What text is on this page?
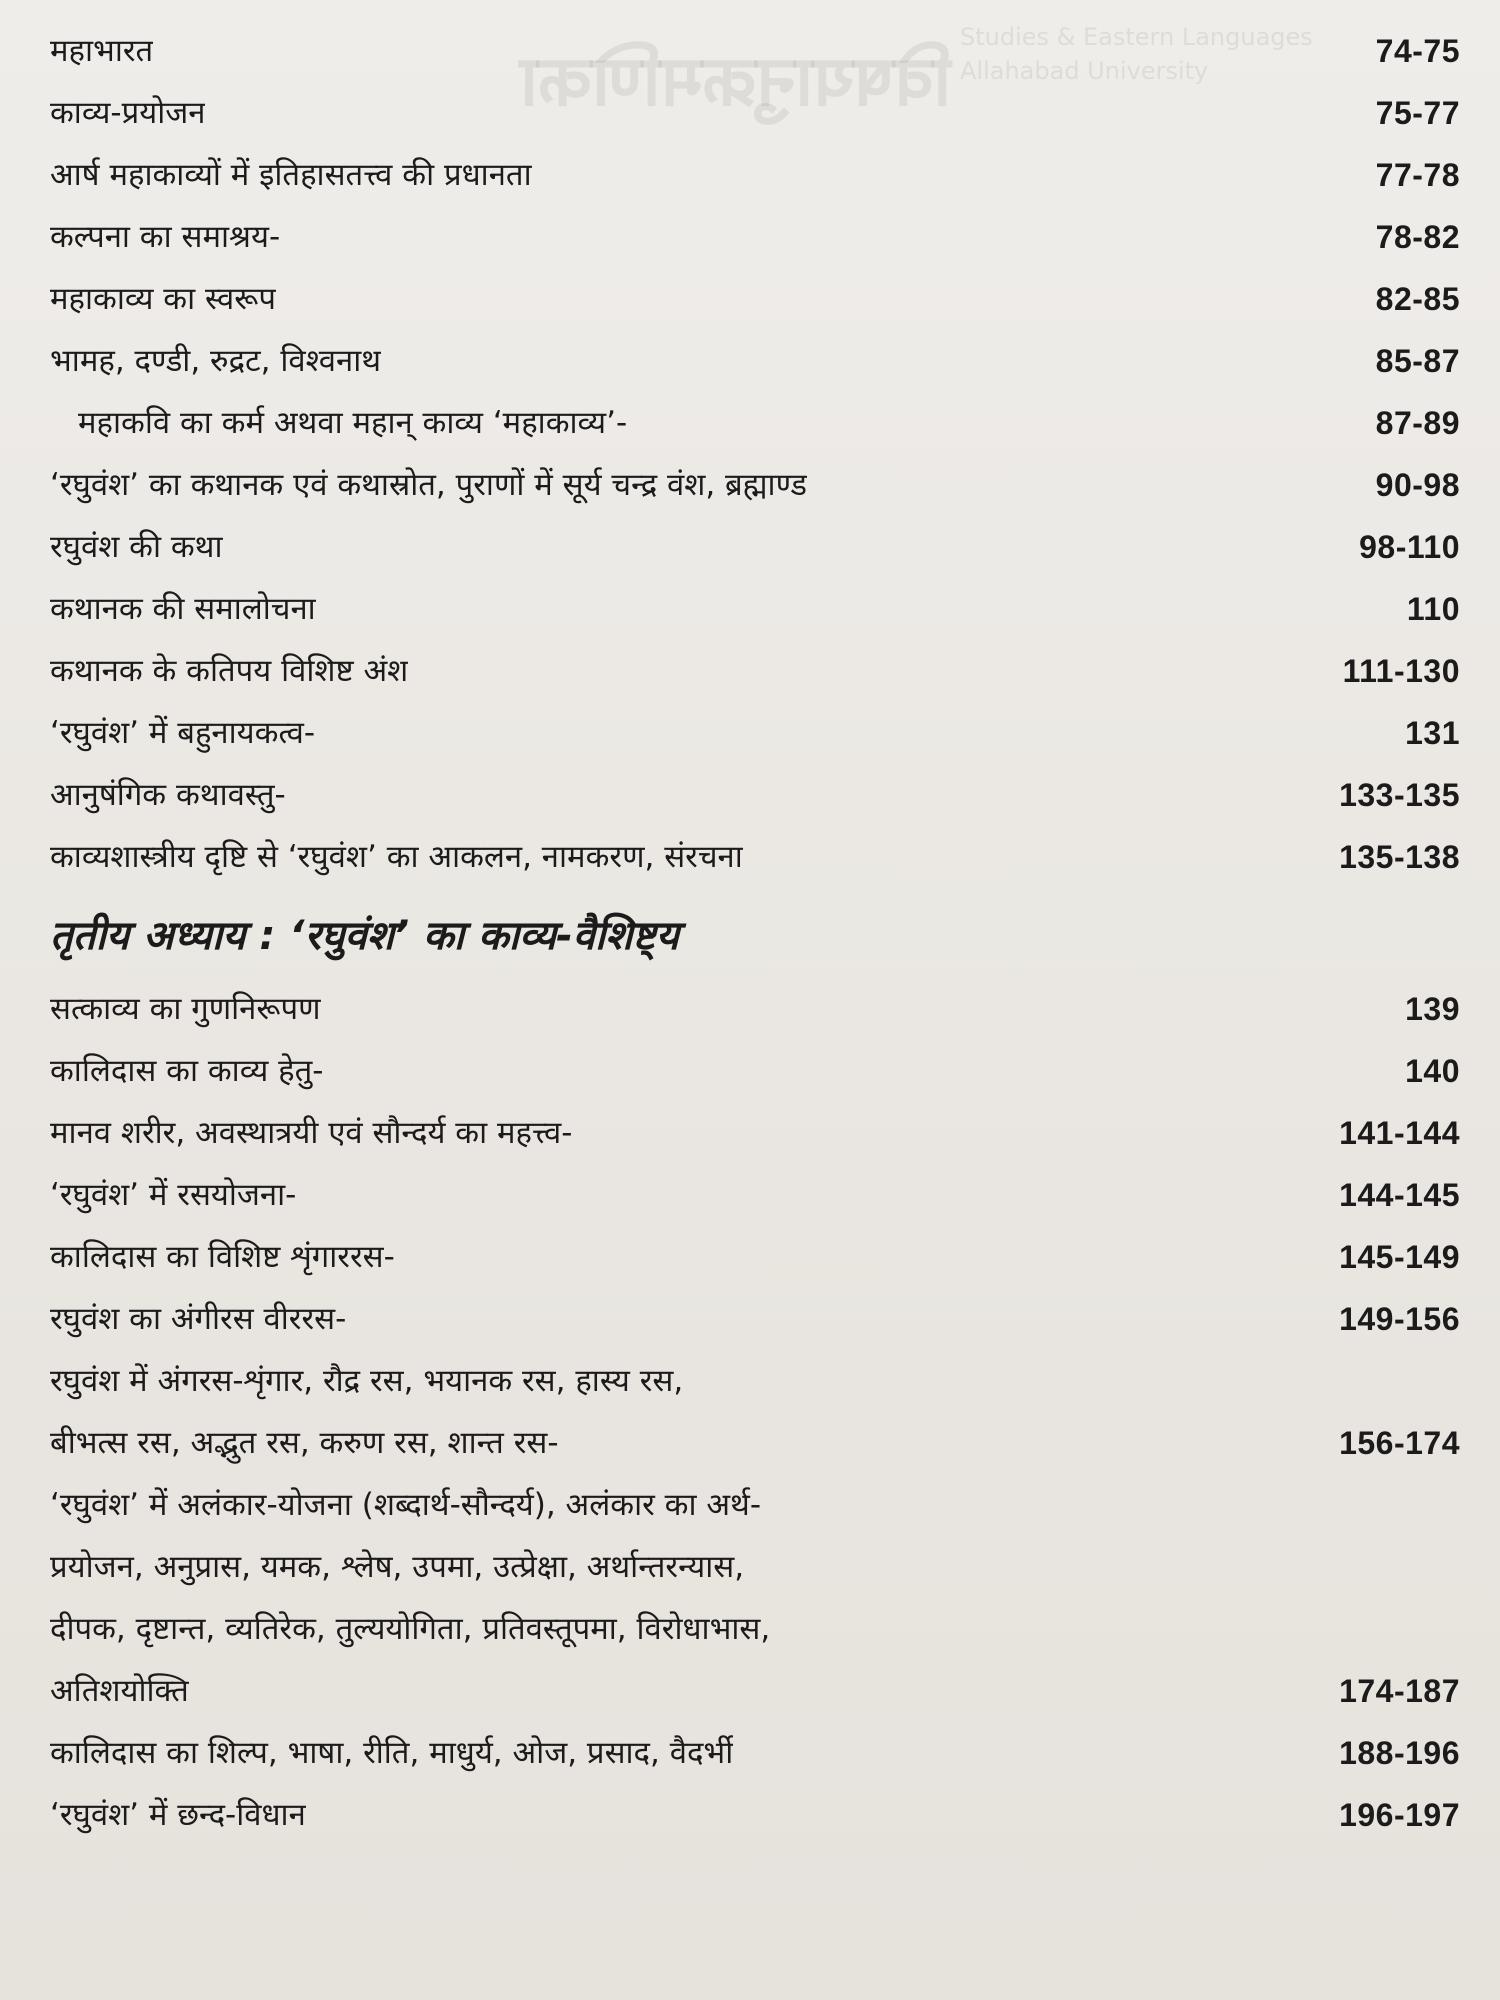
विषयानुक्रमणिका
Studies & Eastern Languages
Allahabad University
महाभारत	74-75
काव्य-प्रयोजन	75-77
आर्ष महाकाव्यों में इतिहासतत्त्व की प्रधानता	77-78
कल्पना का समाश्रय-	78-82
महाकाव्य का स्वरूप	82-85
भामह, दण्डी, रुद्रट, विश्वनाथ	85-87
महाकवि का कर्म अथवा महान् काव्य ‘महाकाव्य’-	87-89
‘रघुवंश’ का कथानक एवं कथास्रोत, पुराणों में सूर्य चन्द्र वंश, ब्रह्माण्ड	90-98
रघुवंश की कथा	98-110
कथानक की समालोचना	110
कथानक के कतिपय विशिष्ट अंश	111-130
‘रघुवंश’ में बहुनायकत्व-	131
आनुषंगिक कथावस्तु-	133-135
काव्यशास्त्रीय दृष्टि से ‘रघुवंश’ का आकलन, नामकरण, संरचना	135-138
तृतीय अध्याय : ‘रघुवंश’ का काव्य-वैशिष्ट्य
सत्काव्य का गुणनिरूपण	139
कालिदास का काव्य हेतु-	140
मानव शरीर, अवस्थात्रयी एवं सौन्दर्य का महत्त्व-	141-144
‘रघुवंश’ में रसयोजना-	144-145
कालिदास का विशिष्ट शृंगाररस-	145-149
रघुवंश का अंगीरस वीररस-	149-156
रघुवंश में अंगरस-शृंगार, रौद्र रस, भयानक रस, हास्य रस,
बीभत्स रस, अद्भुत रस, करुण रस, शान्त रस-	156-174
‘रघुवंश’ में अलंकार-योजना (शब्दार्थ-सौन्दर्य), अलंकार का अर्थ-
प्रयोजन, अनुप्रास, यमक, श्लेष, उपमा, उत्प्रेक्षा, अर्थान्तरन्यास,
दीपक, दृष्टान्त, व्यतिरेक, तुल्ययोगिता, प्रतिवस्तूपमा, विरोधाभास,
अतिशयोक्ति	174-187
कालिदास का शिल्प, भाषा, रीति, माधुर्य, ओज, प्रसाद, वैदर्भी	188-196
‘रघुवंश’ में छन्द-विधान	196-197
